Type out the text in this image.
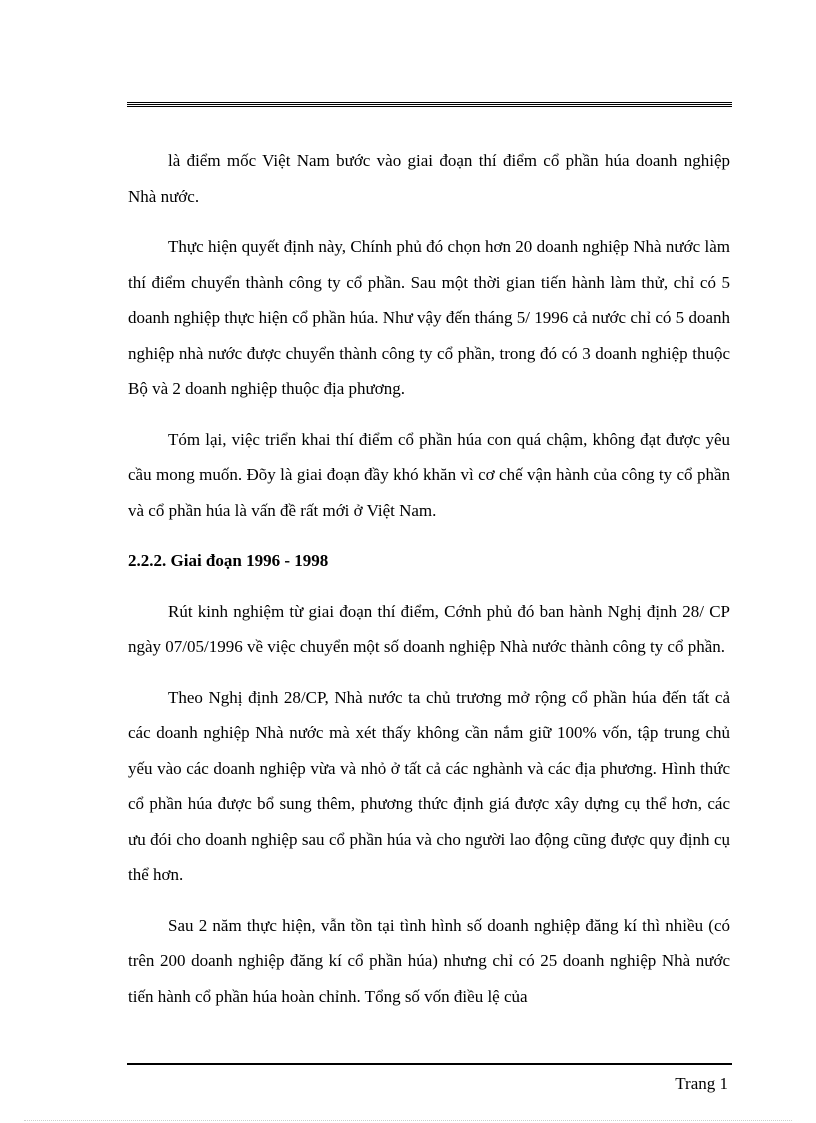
là điểm mốc Việt Nam bước vào giai đoạn thí điểm cổ phần húa doanh nghiệp Nhà nước.

Thực hiện quyết định này, Chính phủ đó chọn hơn 20 doanh nghiệp Nhà nước làm thí điểm chuyển thành công ty cổ phần. Sau một thời gian tiến hành làm thử, chỉ có 5 doanh nghiệp thực hiện cổ phần húa. Như vậy đến tháng 5/ 1996 cả nước chỉ có 5 doanh nghiệp nhà nước được chuyển thành công ty cổ phần, trong đó có 3 doanh nghiệp thuộc Bộ và 2 doanh nghiệp thuộc địa phương.

Tóm lại, việc triển khai thí điểm cổ phần húa con quá chậm, không đạt được yêu cầu mong muốn. Đõy là giai đoạn đầy khó khăn vì cơ chế vận hành của công ty cổ phần và cổ phần húa là vấn đề rất mới ở Việt Nam.

2.2.2. Giai đoạn 1996 - 1998

Rút kinh nghiệm từ giai đoạn thí điểm, Cớnh phủ đó ban hành Nghị định 28/ CP ngày 07/05/1996 về việc chuyển một số doanh nghiệp Nhà nước thành công ty cổ phần.

Theo Nghị định 28/CP, Nhà nước ta chủ trương mở rộng cổ phần húa đến tất cả các doanh nghiệp Nhà nước mà xét thấy không cần nắm giữ 100% vốn, tập trung chủ yếu vào các doanh nghiệp vừa và nhỏ ở tất cả các nghành và các địa phương. Hình thức cổ phần húa được bổ sung thêm, phương thức định giá được xây dựng cụ thể hơn, các ưu đói cho doanh nghiệp sau cổ phần húa và cho người lao động cũng được quy định cụ thể hơn.

Sau 2 năm thực hiện, vẫn tồn tại tình hình số doanh nghiệp đăng kí thì nhiều (có trên 200 doanh nghiệp đăng kí cổ phần húa) nhưng chỉ có 25 doanh nghiệp Nhà nước tiến hành cổ phần húa hoàn chỉnh. Tổng số vốn điều lệ của

Trang 1
